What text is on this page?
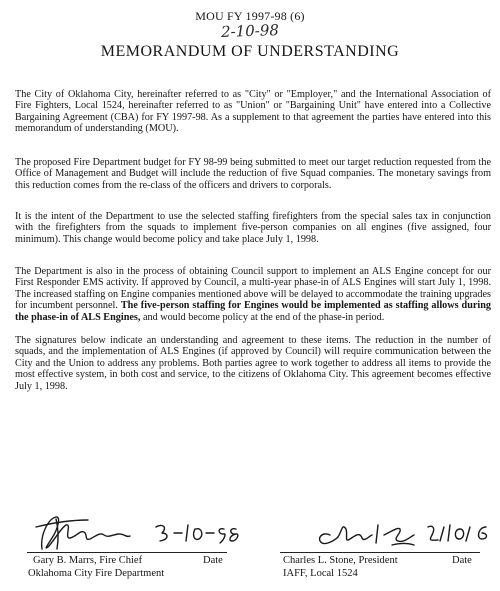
MOU FY 1997-98 (6)
2-10-98
MEMORANDUM OF UNDERSTANDING
The City of Oklahoma City, hereinafter referred to as "City" or "Employer," and the International Association of Fire Fighters, Local 1524, hereinafter referred to as "Union" or "Bargaining Unit" have entered into a Collective Bargaining Agreement (CBA) for FY 1997-98. As a supplement to that agreement the parties have entered into this memorandum of understanding (MOU).
The proposed Fire Department budget for FY 98-99 being submitted to meet our target reduction requested from the Office of Management and Budget will include the reduction of five Squad companies. The monetary savings from this reduction comes from the re-class of the officers and drivers to corporals.
It is the intent of the Department to use the selected staffing firefighters from the special sales tax in conjunction with the firefighters from the squads to implement five-person companies on all engines (five assigned, four minimum). This change would become policy and take place July 1, 1998.
The Department is also in the process of obtaining Council support to implement an ALS Engine concept for our First Responder EMS activity. If approved by Council, a multi-year phase-in of ALS Engines will start July 1, 1998. The increased staffing on Engine companies mentioned above will be delayed to accommodate the training upgrades for incumbent personnel. The five-person staffing for Engines would be implemented as staffing allows during the phase-in of ALS Engines, and would become policy at the end of the phase-in period.
The signatures below indicate an understanding and agreement to these items. The reduction in the number of squads, and the implementation of ALS Engines (if approved by Council) will require communication between the City and the Union to address any problems. Both parties agree to work together to address all items to provide the most effective system, in both cost and service, to the citizens of Oklahoma City. This agreement becomes effective July 1, 1998.
Gary B. Marrs, Fire Chief	Date
Oklahoma City Fire Department
Charles L. Stone, President	Date
IAFF, Local 1524
